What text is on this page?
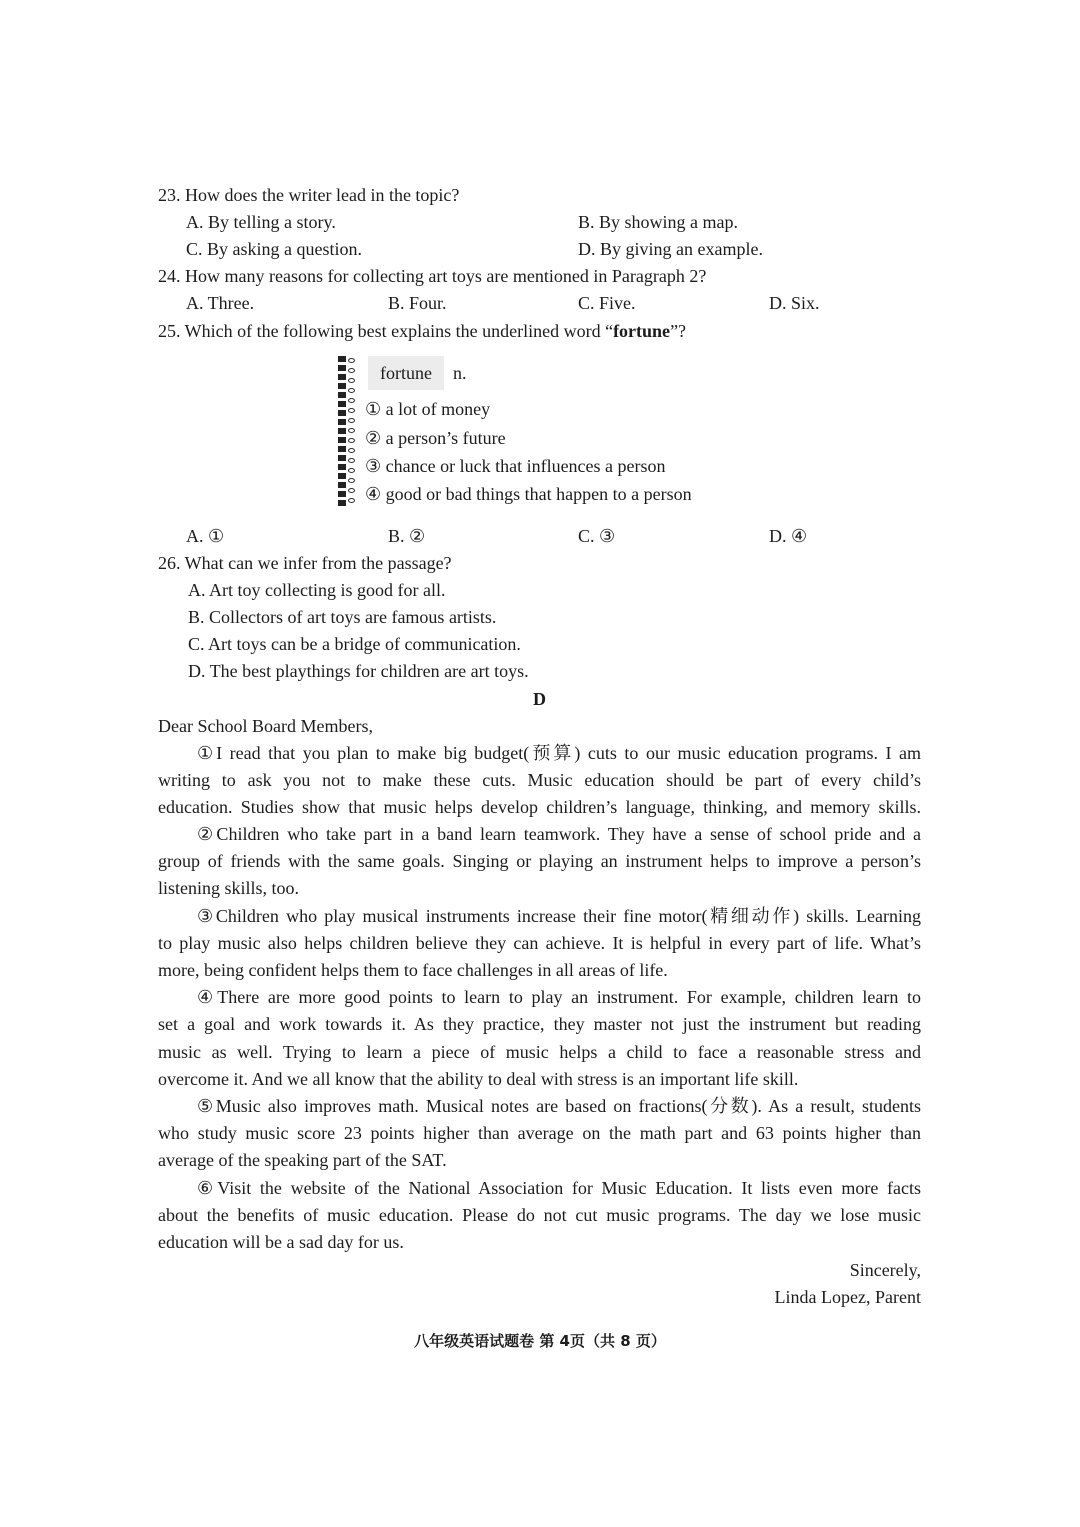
23. How does the writer lead in the topic?
A. By telling a story.	B. By showing a map.
C. By asking a question.	D. By giving an example.
24. How many reasons for collecting art toys are mentioned in Paragraph 2?
A. Three.	B. Four.	C. Five.	D. Six.
25. Which of the following best explains the underlined word “fortune”?
fortune	n.
① a lot of money
② a person’s future
③ chance or luck that influences a person
④ good or bad things that happen to a person
A. ①	B. ②	C. ③	D. ④
26. What can we infer from the passage?
A. Art toy collecting is good for all.
B. Collectors of art toys are famous artists.
C. Art toys can be a bridge of communication.
D. The best playthings for children are art toys.
D
Dear School Board Members,
①I read that you plan to make big budget(预算) cuts to our music education programs. I am
writing to ask you not to make these cuts. Music education should be part of every child’s
education. Studies show that music helps develop children’s language, thinking, and memory skills.
②Children who take part in a band learn teamwork. They have a sense of school pride and a
group of friends with the same goals. Singing or playing an instrument helps to improve a person’s
listening skills, too.
③Children who play musical instruments increase their fine motor(精细动作) skills. Learning
to play music also helps children believe they can achieve. It is helpful in every part of life. What’s
more, being confident helps them to face challenges in all areas of life.
④There are more good points to learn to play an instrument. For example, children learn to
set a goal and work towards it. As they practice, they master not just the instrument but reading
music as well. Trying to learn a piece of music helps a child to face a reasonable stress and
overcome it. And we all know that the ability to deal with stress is an important life skill.
⑤Music also improves math. Musical notes are based on fractions(分数). As a result, students
who study music score 23 points higher than average on the math part and 63 points higher than
average of the speaking part of the SAT.
⑥Visit the website of the National Association for Music Education. It lists even more facts
about the benefits of music education. Please do not cut music programs. The day we lose music
education will be a sad day for us.
Sincerely,
Linda Lopez, Parent
八年级英语试题卷 第 4页（共 8 页）
